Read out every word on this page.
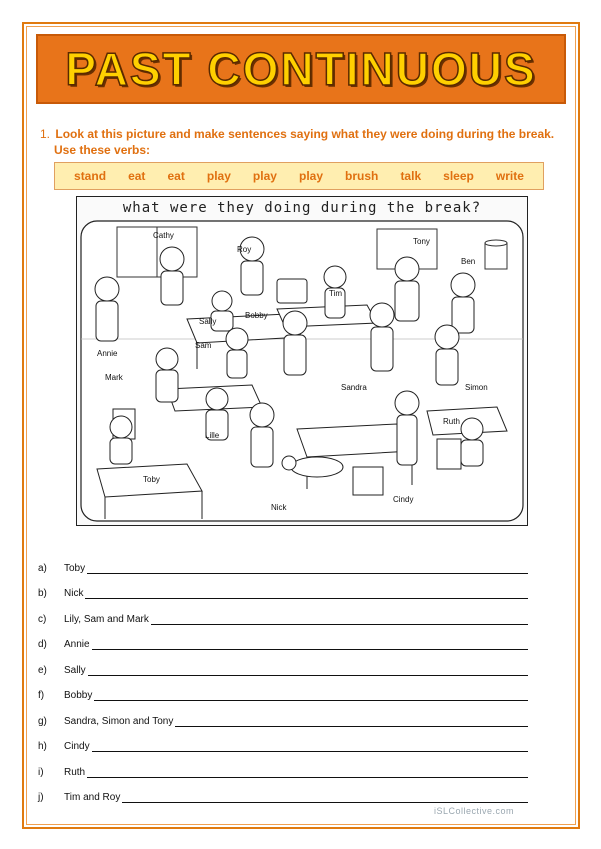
PAST CONTINUOUS
1. Look at this picture and make sentences saying what they were doing during the break.
Use these verbs:
stand eat eat play play play brush talk sleep write
what were they doing during the break?
Cathy
Roy
Tony
Ben
Tim
Sally
Bobby
Sam
Annie
Mark
Sandra	Simon
Ruth
Lille
Toby
Nick
Cindy
a)	Toby
b)	Nick
c)	Lily, Sam and Mark
d)	Annie
e)	Sally
f)	Bobby
g)	Sandra, Simon and Tony
h)	Cindy
i)	Ruth
j)	Tim and Roy
iSLCollective.com
